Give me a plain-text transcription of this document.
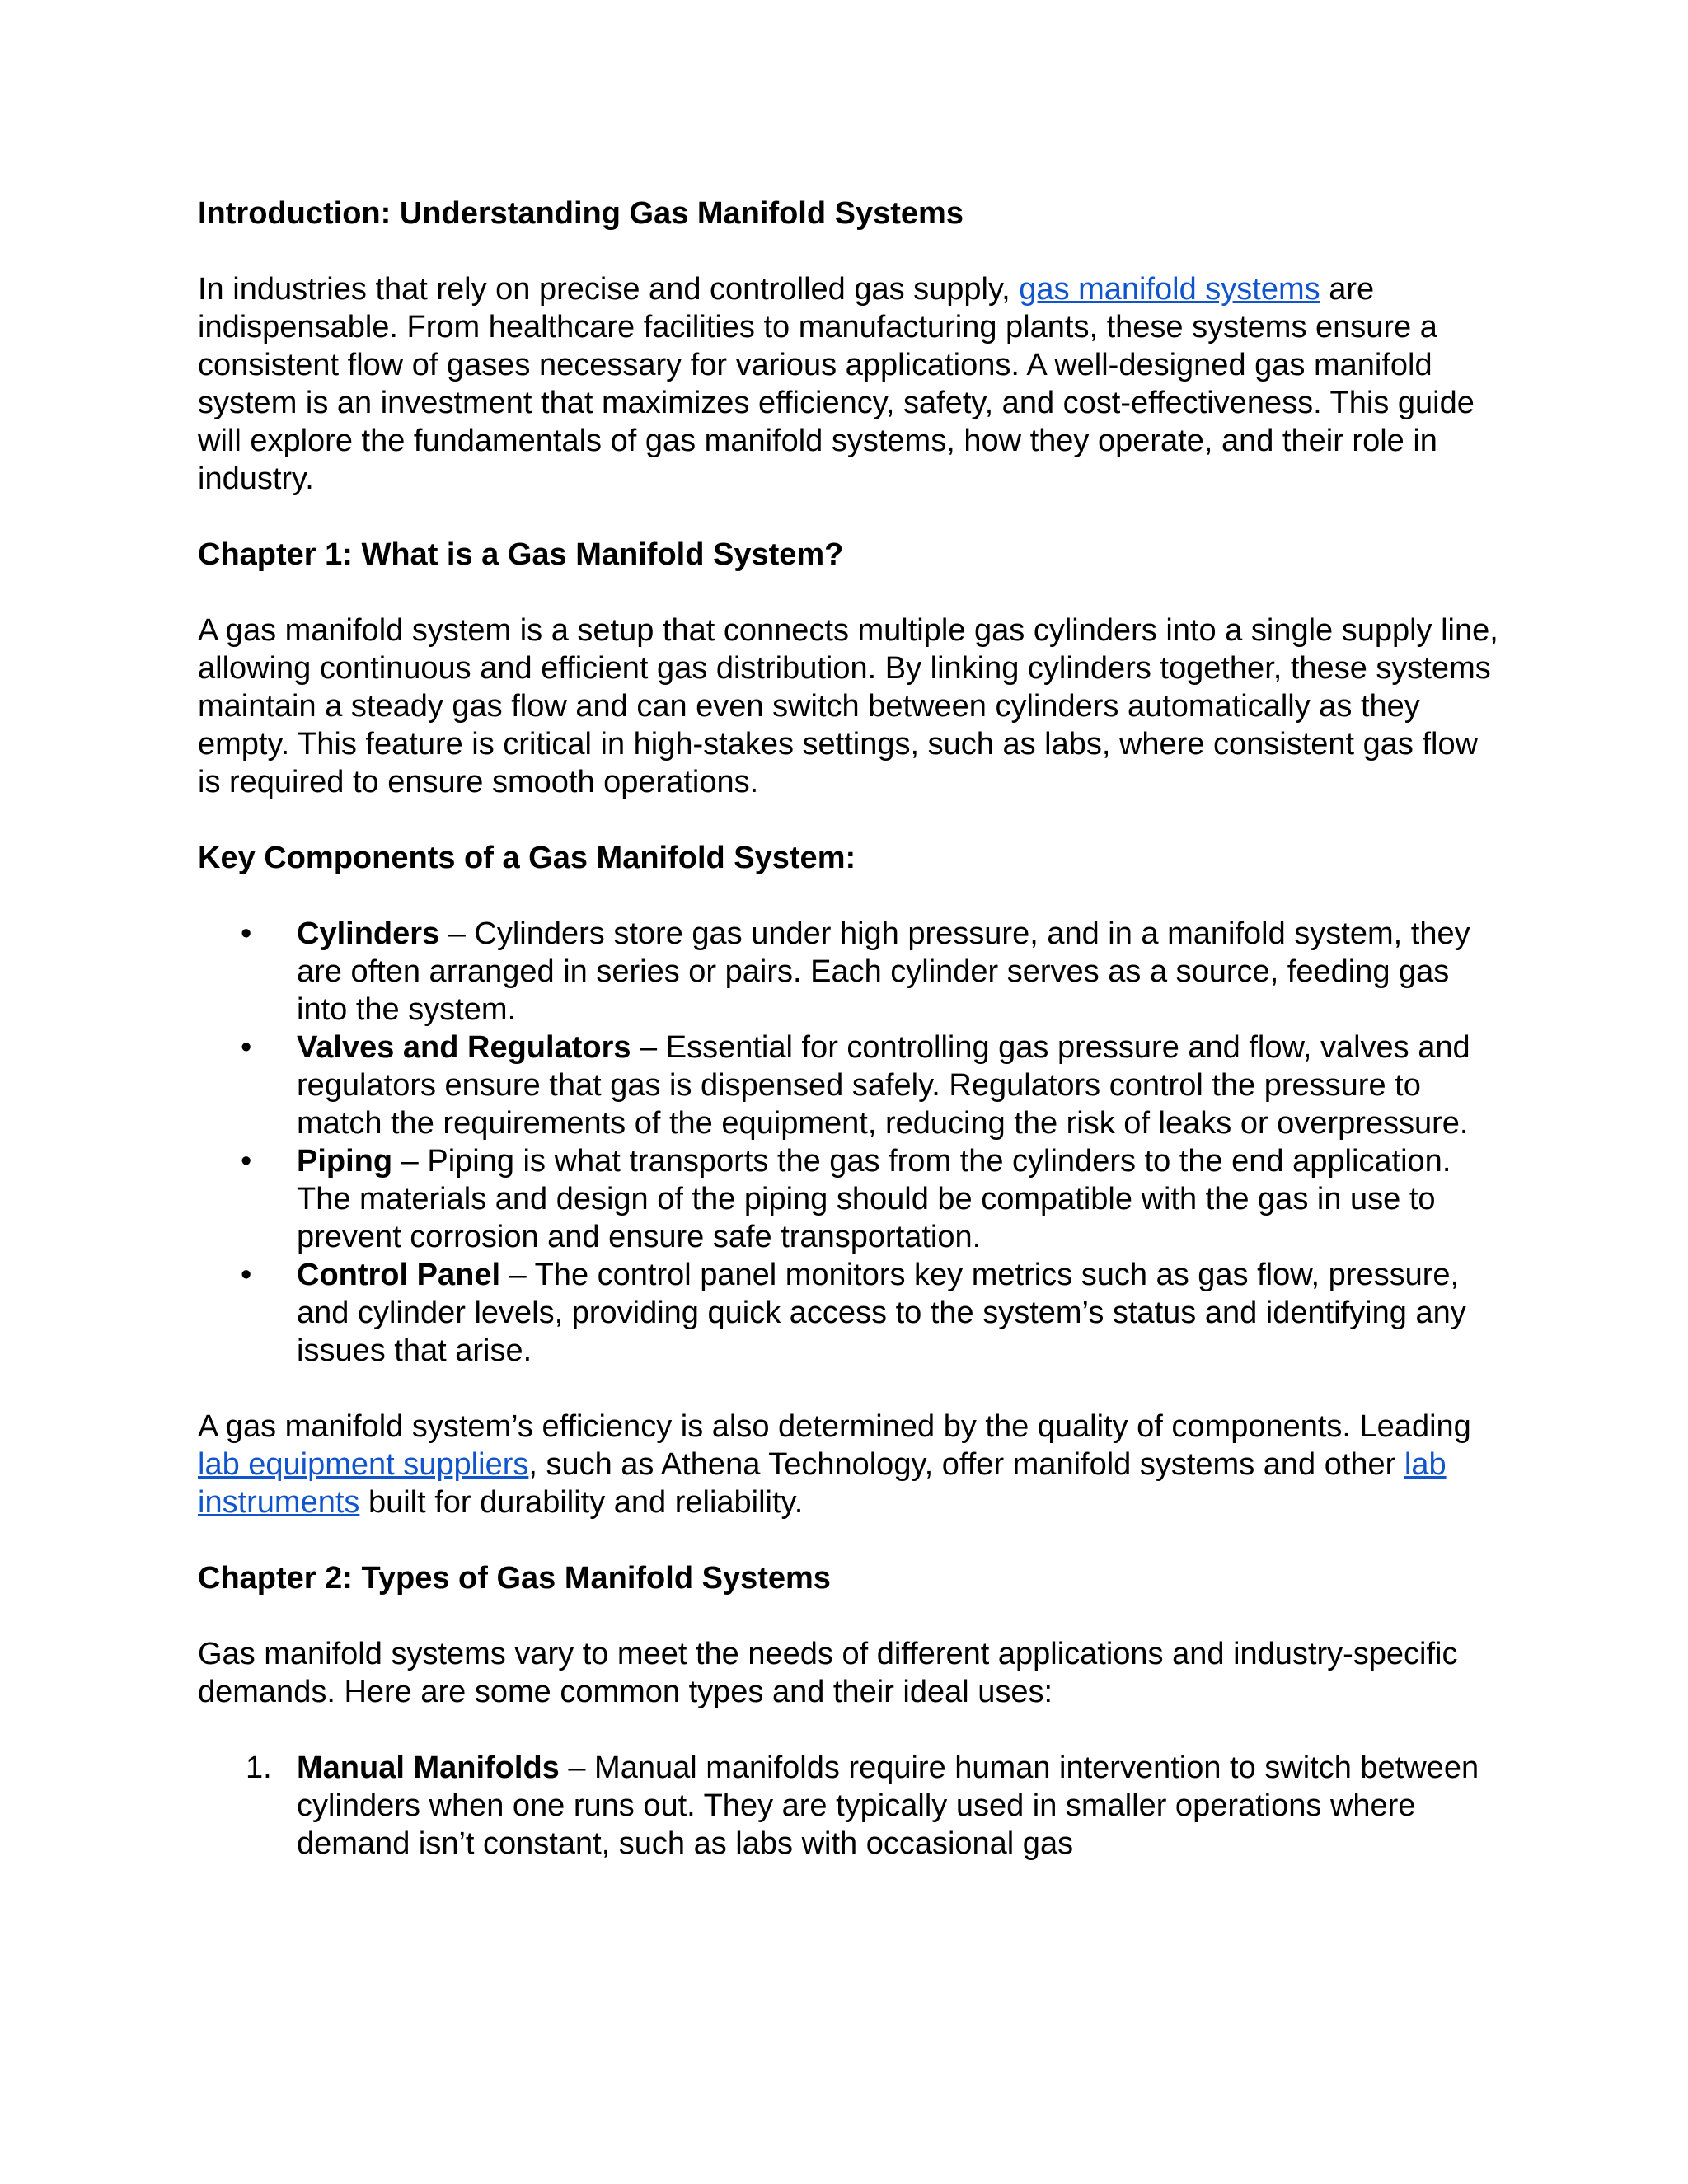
Introduction: Understanding Gas Manifold Systems

In industries that rely on precise and controlled gas supply, gas manifold systems are indispensable. From healthcare facilities to manufacturing plants, these systems ensure a consistent flow of gases necessary for various applications. A well-designed gas manifold system is an investment that maximizes efficiency, safety, and cost-effectiveness. This guide will explore the fundamentals of gas manifold systems, how they operate, and their role in industry.

Chapter 1: What is a Gas Manifold System?

A gas manifold system is a setup that connects multiple gas cylinders into a single supply line, allowing continuous and efficient gas distribution. By linking cylinders together, these systems maintain a steady gas flow and can even switch between cylinders automatically as they empty. This feature is critical in high-stakes settings, such as labs, where consistent gas flow is required to ensure smooth operations.

Key Components of a Gas Manifold System:

•	Cylinders – Cylinders store gas under high pressure, and in a manifold system, they are often arranged in series or pairs. Each cylinder serves as a source, feeding gas into the system.
•	Valves and Regulators – Essential for controlling gas pressure and flow, valves and regulators ensure that gas is dispensed safely. Regulators control the pressure to match the requirements of the equipment, reducing the risk of leaks or overpressure.
•	Piping – Piping is what transports the gas from the cylinders to the end application. The materials and design of the piping should be compatible with the gas in use to prevent corrosion and ensure safe transportation.
•	Control Panel – The control panel monitors key metrics such as gas flow, pressure, and cylinder levels, providing quick access to the system’s status and identifying any issues that arise.

A gas manifold system’s efficiency is also determined by the quality of components. Leading lab equipment suppliers, such as Athena Technology, offer manifold systems and other lab instruments built for durability and reliability.

Chapter 2: Types of Gas Manifold Systems

Gas manifold systems vary to meet the needs of different applications and industry-specific demands. Here are some common types and their ideal uses:

1. Manual Manifolds – Manual manifolds require human intervention to switch between cylinders when one runs out. They are typically used in smaller operations where demand isn’t constant, such as labs with occasional gas
